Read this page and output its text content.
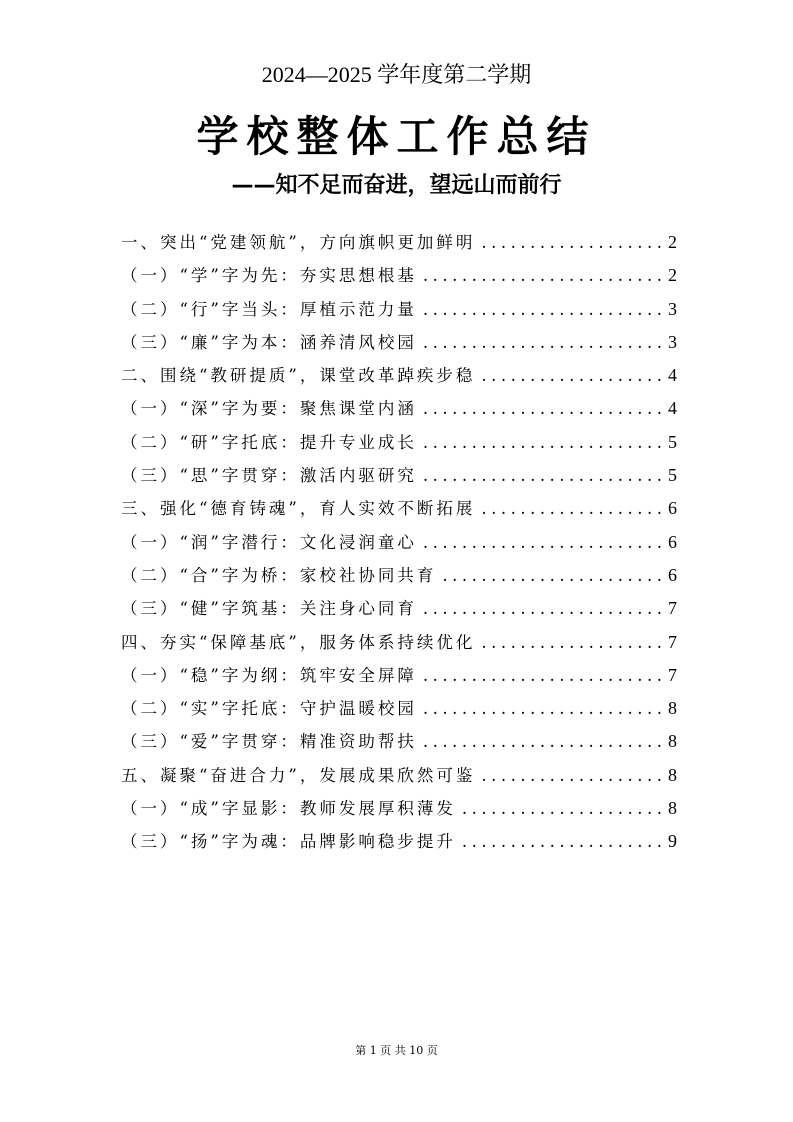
2024—2025 学年度第二学期
学校整体工作总结
——知不足而奋进，望远山而前行
一、突出“党建领航”，方向旗帜更加鲜明 .....	2
（一）“学”字为先：夯实思想根基 .....	2
（二）“行”字当头：厚植示范力量 .....	3
（三）“廉”字为本：涵养清风校园 .....	3
二、围绕“教研提质”，课堂改革踔疾步稳 .....	4
（一）“深”字为要：聚焦课堂内涵 .....	4
（二）“研”字托底：提升专业成长 .....	5
（三）“思”字贯穿：激活内驱研究 .....	5
三、强化“德育铸魂”，育人实效不断拓展 .....	6
（一）“润”字潜行：文化浸润童心 .....	6
（二）“合”字为桥：家校社协同共育 .....	6
（三）“健”字筑基：关注身心同育 .....	7
四、夯实“保障基底”，服务体系持续优化 .....	7
（一）“稳”字为纲：筑牢安全屏障 .....	7
（二）“实”字托底：守护温暖校园 .....	8
（三）“爱”字贯穿：精准资助帮扶 .....	8
五、凝聚“奋进合力”，发展成果欣然可鉴 .....	8
（一）“成”字显影：教师发展厚积薄发 .....	8
（三）“扬”字为魂：品牌影响稳步提升 .....	9
第 1 页 共 10 页
